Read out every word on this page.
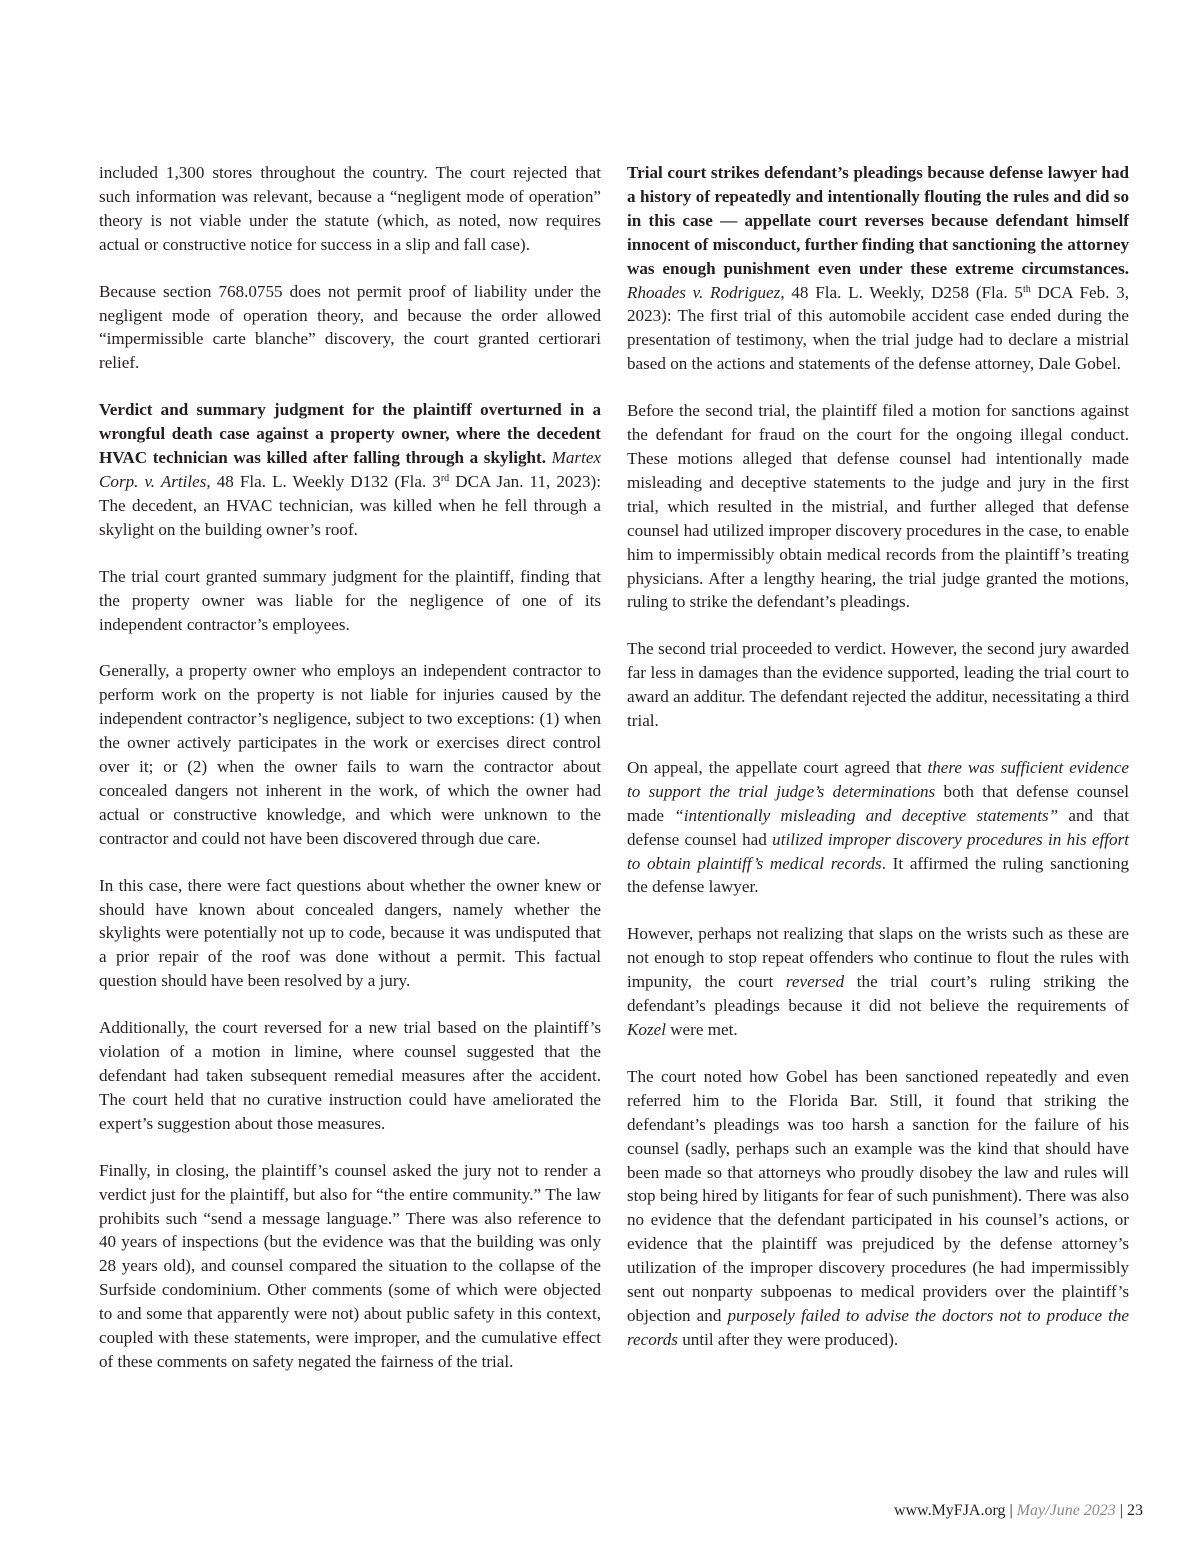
included 1,300 stores throughout the country. The court rejected that such information was relevant, because a “negligent mode of operation” theory is not viable under the statute (which, as noted, now requires actual or constructive notice for success in a slip and fall case).

Because section 768.0755 does not permit proof of liability under the negligent mode of operation theory, and because the order allowed “impermissible carte blanche” discovery, the court granted certiorari relief.

Verdict and summary judgment for the plaintiff overturned in a wrongful death case against a property owner, where the decedent HVAC technician was killed after falling through a skylight. Martex Corp. v. Artiles, 48 Fla. L. Weekly D132 (Fla. 3rd DCA Jan. 11, 2023): The decedent, an HVAC technician, was killed when he fell through a skylight on the building owner’s roof.

The trial court granted summary judgment for the plaintiff, finding that the property owner was liable for the negligence of one of its independent contractor’s employees.

Generally, a property owner who employs an independent contractor to perform work on the property is not liable for injuries caused by the independent contractor’s negligence, subject to two exceptions: (1) when the owner actively participates in the work or exercises direct control over it; or (2) when the owner fails to warn the contractor about concealed dangers not inherent in the work, of which the owner had actual or constructive knowledge, and which were unknown to the contractor and could not have been discovered through due care.

In this case, there were fact questions about whether the owner knew or should have known about concealed dangers, namely whether the skylights were potentially not up to code, because it was undisputed that a prior repair of the roof was done without a permit. This factual question should have been resolved by a jury.

Additionally, the court reversed for a new trial based on the plaintiff’s violation of a motion in limine, where counsel suggested that the defendant had taken subsequent remedial measures after the accident. The court held that no curative instruction could have ameliorated the expert’s suggestion about those measures.

Finally, in closing, the plaintiff’s counsel asked the jury not to render a verdict just for the plaintiff, but also for “the entire community.” The law prohibits such “send a message language.” There was also reference to 40 years of inspections (but the evidence was that the building was only 28 years old), and counsel compared the situation to the collapse of the Surfside condominium. Other comments (some of which were objected to and some that apparently were not) about public safety in this context, coupled with these statements, were improper, and the cumulative effect of these comments on safety negated the fairness of the trial.

Trial court strikes defendant’s pleadings because defense lawyer had a history of repeatedly and intentionally flouting the rules and did so in this case — appellate court reverses because defendant himself innocent of misconduct, further finding that sanctioning the attorney was enough punishment even under these extreme circumstances. Rhoades v. Rodriguez, 48 Fla. L. Weekly, D258 (Fla. 5th DCA Feb. 3, 2023): The first trial of this automobile accident case ended during the presentation of testimony, when the trial judge had to declare a mistrial based on the actions and statements of the defense attorney, Dale Gobel.

Before the second trial, the plaintiff filed a motion for sanctions against the defendant for fraud on the court for the ongoing illegal conduct. These motions alleged that defense counsel had intentionally made misleading and deceptive statements to the judge and jury in the first trial, which resulted in the mistrial, and further alleged that defense counsel had utilized improper discovery procedures in the case, to enable him to impermissibly obtain medical records from the plaintiff’s treating physicians. After a lengthy hearing, the trial judge granted the motions, ruling to strike the defendant’s pleadings.

The second trial proceeded to verdict. However, the second jury awarded far less in damages than the evidence supported, leading the trial court to award an additur. The defendant rejected the additur, necessitating a third trial.

On appeal, the appellate court agreed that there was sufficient evidence to support the trial judge’s determinations both that defense counsel made “intentionally misleading and deceptive statements” and that defense counsel had utilized improper discovery procedures in his effort to obtain plaintiff’s medical records. It affirmed the ruling sanctioning the defense lawyer.

However, perhaps not realizing that slaps on the wrists such as these are not enough to stop repeat offenders who continue to flout the rules with impunity, the court reversed the trial court’s ruling striking the defendant’s pleadings because it did not believe the requirements of Kozel were met.

The court noted how Gobel has been sanctioned repeatedly and even referred him to the Florida Bar. Still, it found that striking the defendant’s pleadings was too harsh a sanction for the failure of his counsel (sadly, perhaps such an example was the kind that should have been made so that attorneys who proudly disobey the law and rules will stop being hired by litigants for fear of such punishment). There was also no evidence that the defendant participated in his counsel’s actions, or evidence that the plaintiff was prejudiced by the defense attorney’s utilization of the improper discovery procedures (he had impermissibly sent out nonparty subpoenas to medical providers over the plaintiff’s objection and purposely failed to advise the doctors not to produce the records until after they were produced).

www.MyFJA.org | May/June 2023 | 23
